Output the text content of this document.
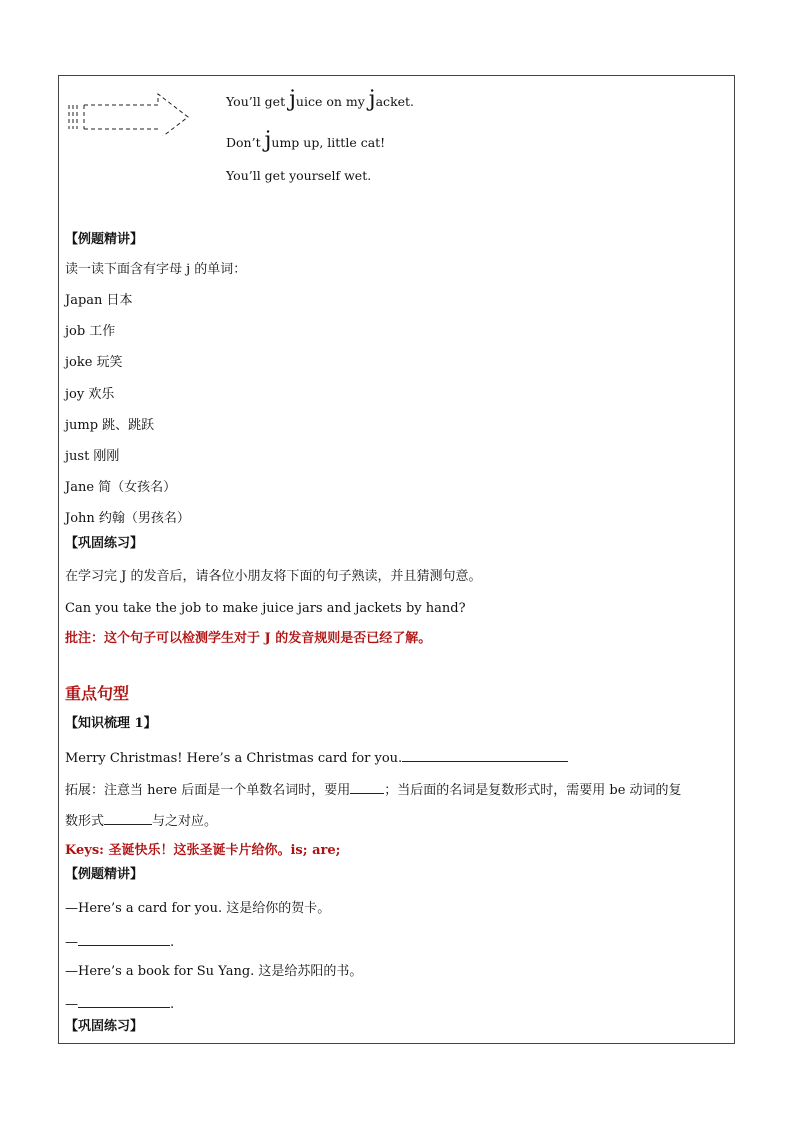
You’ll get juice on my jacket.
Don’t jump up, little cat!
You’ll get yourself wet.
【例题精讲】
读一读下面含有字母 j 的单词：
Japan 日本
job 工作
joke 玩笑
joy 欢乐
jump 跳、跳跃
just 刚刚
Jane 简（女孩名）
John 约翰（男孩名）
【巩固练习】
在学习完 J 的发音后，请各位小朋友将下面的句子熟读，并且猜测句意。
Can you take the job to make juice jars and jackets by hand?
批注：这个句子可以检测学生对于 J 的发音规则是否已经了解。
重点句型
【知识梳理 1】
Merry Christmas! Here’s a Christmas card for you.
拓展：注意当 here 后面是一个单数名词时，要用	；当后面的名词是复数形式时，需要用 be 动词的复
数形式	与之对应。
Keys: 圣诞快乐！这张圣诞卡片给你。is; are;
【例题精讲】
—Here’s a card for you. 这是给你的贺卡。
—	.
—Here’s a book for Su Yang. 这是给苏阳的书。
—	.
【巩固练习】
